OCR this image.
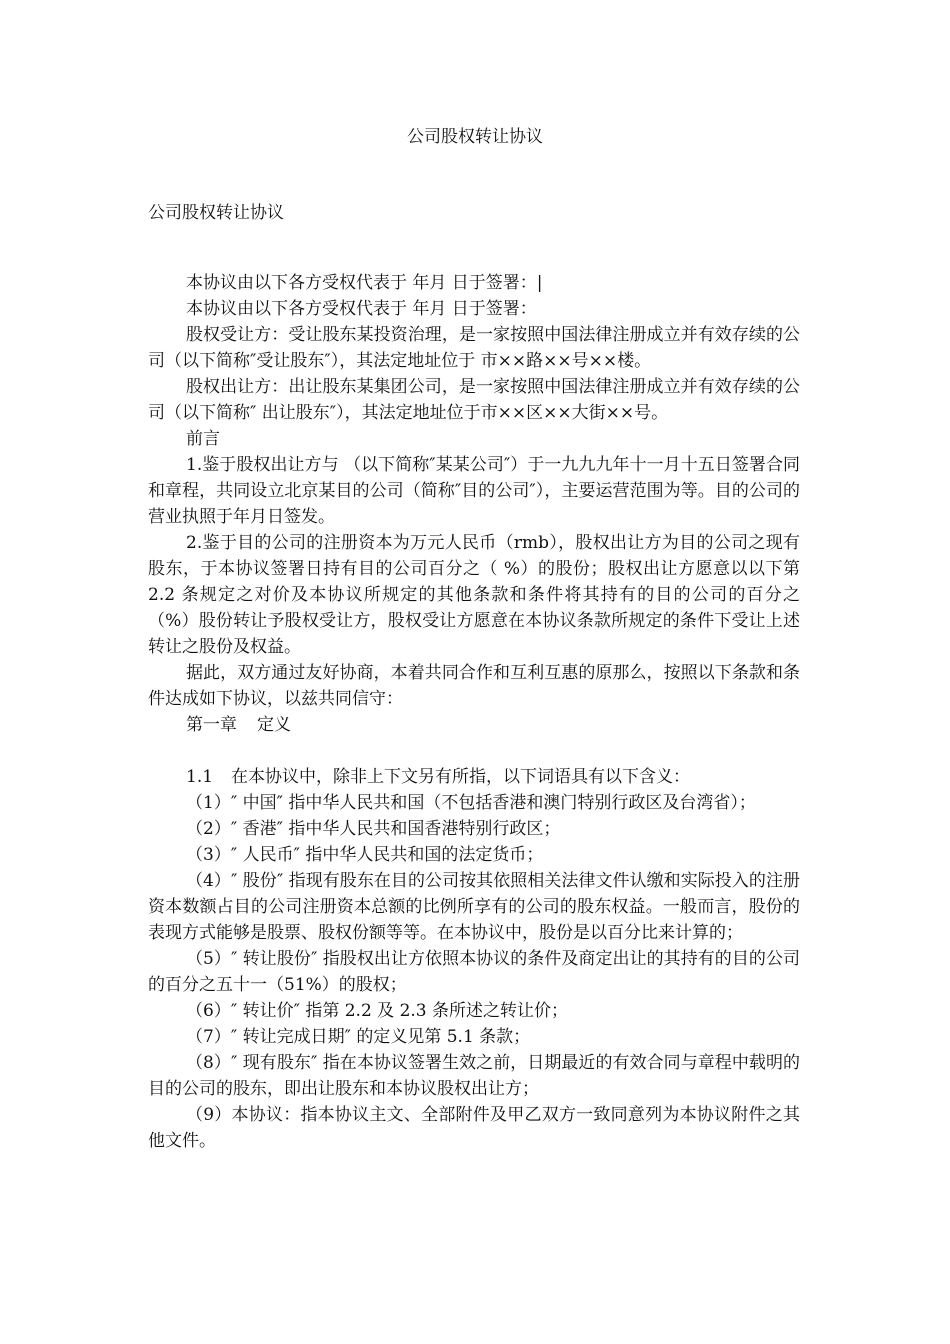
公司股权转让协议
公司股权转让协议

本协议由以下各方受权代表于 年月 日于签署：|

本协议由以下各方受权代表于 年月 日于签署：

股权受让方：受让股东某投资治理，是一家按照中国法律注册成立并有效存续的公司（以下简称″受让股东″），其法定地址位于 市××路××号××楼。

股权出让方：出让股东某集团公司，是一家按照中国法律注册成立并有效存续的公司（以下简称″ 出让股东″），其法定地址位于市××区××大街××号。

前言

1.鉴于股权出让方与 （以下简称″某某公司″）于一九九九年十一月十五日签署合同和章程，共同设立北京某目的公司（简称″目的公司″），主要运营范围为等。目的公司的营业执照于年月日签发。

2.鉴于目的公司的注册资本为万元人民币（rmb），股权出让方为目的公司之现有股东，于本协议签署日持有目的公司百分之（ %）的股份；股权出让方愿意以以下第 2.2 条规定之对价及本协议所规定的其他条款和条件将其持有的目的公司的百分之 （%）股份转让予股权受让方，股权受让方愿意在本协议条款所规定的条件下受让上述转让之股份及权益。

据此，双方通过友好协商，本着共同合作和互利互惠的原那么，按照以下条款和条件达成如下协议，以兹共同信守：

第一章 定义

1.1 在本协议中，除非上下文另有所指，以下词语具有以下含义：

（1）″ 中国″ 指中华人民共和国（不包括香港和澳门特别行政区及台湾省）；

（2）″ 香港″ 指中华人民共和国香港特别行政区；

（3）″ 人民币″ 指中华人民共和国的法定货币；

（4）″ 股份″ 指现有股东在目的公司按其依照相关法律文件认缴和实际投入的注册资本数额占目的公司注册资本总额的比例所享有的公司的股东权益。一般而言，股份的表现方式能够是股票、股权份额等等。在本协议中，股份是以百分比来计算的；

（5）″ 转让股份″ 指股权出让方依照本协议的条件及商定出让的其持有的目的公司的百分之五十一（51%）的股权；

（6）″ 转让价″ 指第 2.2 及 2.3 条所述之转让价；

（7）″ 转让完成日期″ 的定义见第 5.1 条款；

（8）″ 现有股东″ 指在本协议签署生效之前，日期最近的有效合同与章程中载明的目的公司的股东，即出让股东和本协议股权出让方；

（9）本协议：指本协议主文、全部附件及甲乙双方一致同意列为本协议附件之其他文件。
